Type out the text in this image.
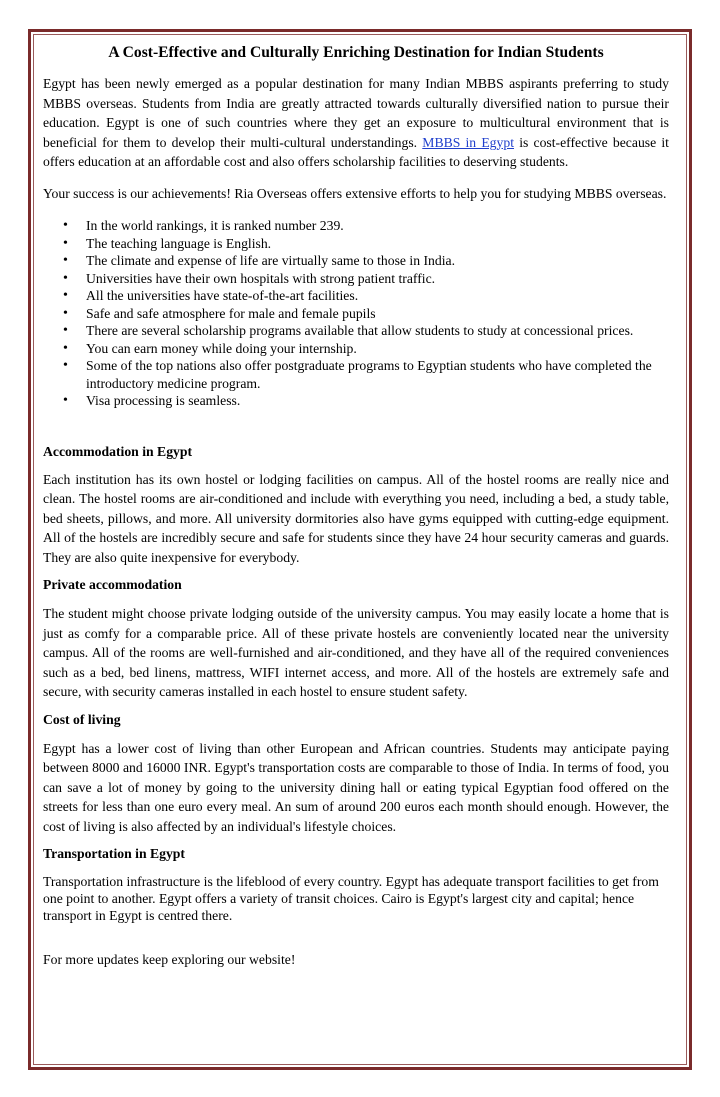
A Cost-Effective and Culturally Enriching Destination for Indian Students

Egypt has been newly emerged as a popular destination for many Indian MBBS aspirants preferring to study MBBS overseas. Students from India are greatly attracted towards culturally diversified nation to pursue their education. Egypt is one of such countries where they get an exposure to multicultural environment that is beneficial for them to develop their multi-cultural understandings. MBBS in Egypt is cost-effective because it offers education at an affordable cost and also offers scholarship facilities to deserving students.

Your success is our achievements! Ria Overseas offers extensive efforts to help you for studying MBBS overseas.

• In the world rankings, it is ranked number 239.
• The teaching language is English.
• The climate and expense of life are virtually same to those in India.
• Universities have their own hospitals with strong patient traffic.
• All the universities have state-of-the-art facilities.
• Safe and safe atmosphere for male and female pupils
• There are several scholarship programs available that allow students to study at concessional prices.
• You can earn money while doing your internship.
• Some of the top nations also offer postgraduate programs to Egyptian students who have completed the introductory medicine program.
• Visa processing is seamless.
Accommodation in Egypt

Each institution has its own hostel or lodging facilities on campus. All of the hostel rooms are really nice and clean. The hostel rooms are air-conditioned and include with everything you need, including a bed, a study table, bed sheets, pillows, and more. All university dormitories also have gyms equipped with cutting-edge equipment. All of the hostels are incredibly secure and safe for students since they have 24 hour security cameras and guards. They are also quite inexpensive for everybody.

Private accommodation

The student might choose private lodging outside of the university campus. You may easily locate a home that is just as comfy for a comparable price. All of these private hostels are conveniently located near the university campus. All of the rooms are well-furnished and air-conditioned, and they have all of the required conveniences such as a bed, bed linens, mattress, WIFI internet access, and more. All of the hostels are extremely safe and secure, with security cameras installed in each hostel to ensure student safety.

Cost of living

Egypt has a lower cost of living than other European and African countries. Students may anticipate paying between 8000 and 16000 INR. Egypt's transportation costs are comparable to those of India. In terms of food, you can save a lot of money by going to the university dining hall or eating typical Egyptian food offered on the streets for less than one euro every meal. An sum of around 200 euros each month should enough. However, the cost of living is also affected by an individual's lifestyle choices.

Transportation in Egypt

Transportation infrastructure is the lifeblood of every country. Egypt has adequate transport facilities to get from one point to another. Egypt offers a variety of transit choices. Cairo is Egypt's largest city and capital; hence transport in Egypt is centred there.

For more updates keep exploring our website!
